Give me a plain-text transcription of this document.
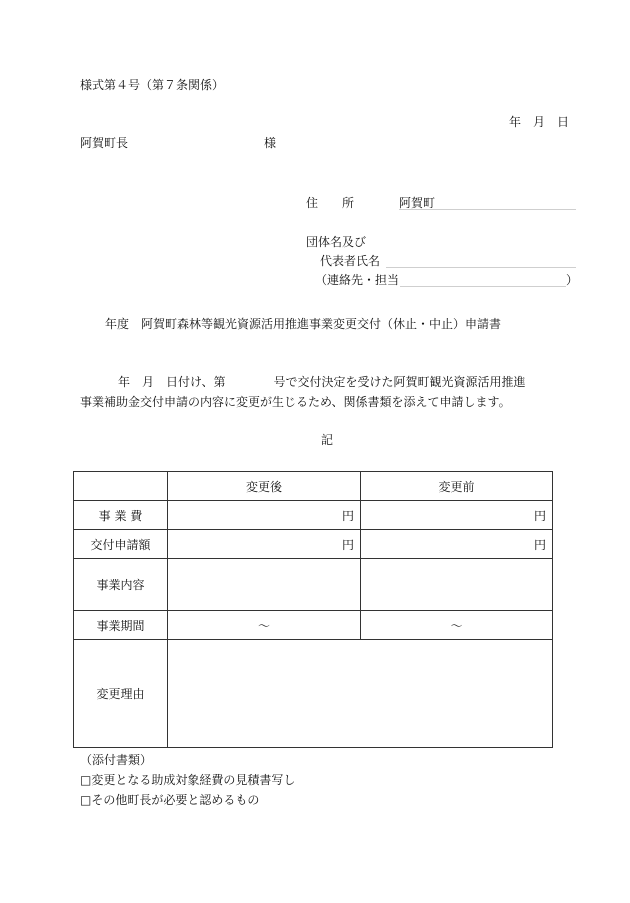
様式第４号（第７条関係）
年　月　日
阿賀町長	様
住　　所	阿賀町
団体名及び
代表者氏名
（連絡先・担当	）
年度　阿賀町森林等観光資源活用推進事業変更交付（休止・中止）申請書
年　月　日付け、第　　　　号で交付決定を受けた阿賀町観光資源活用推進
事業補助金交付申請の内容に変更が生じるため、関係書類を添えて申請します。
記
	変更後	変更前
事 業 費	円	円
交付申請額	円	円
事業内容		
事業期間	〜	〜
変更理由		
（添付書類）
□変更となる助成対象経費の見積書写し
□その他町長が必要と認めるもの
